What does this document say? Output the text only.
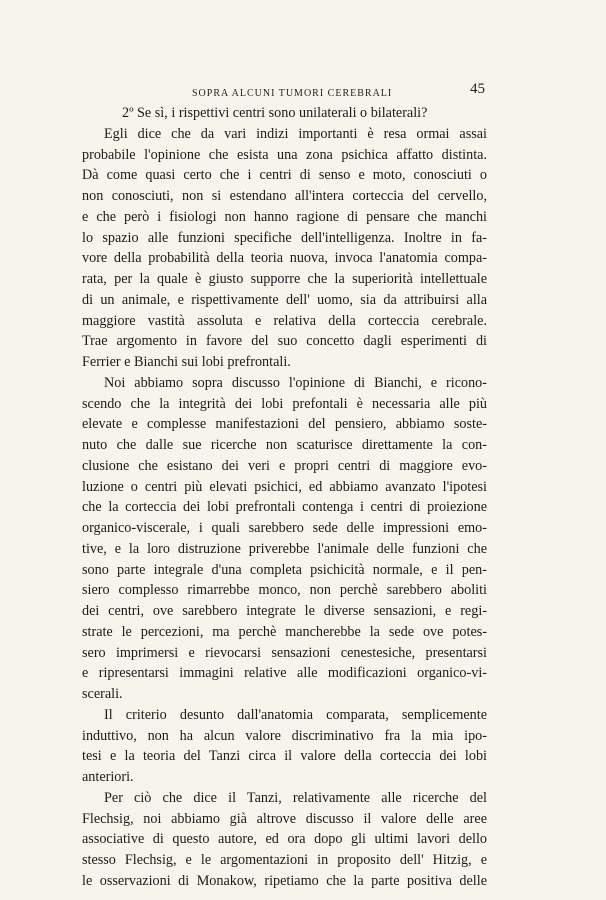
SOPRA ALCUNI TUMORI CEREBRALI	45
2º Se sì, i rispettivi centri sono unilaterali o bilaterali?
Egli dice che da vari indizi importanti è resa ormai assai
probabile l'opinione che esista una zona psichica affatto distinta.
Dà come quasi certo che i centri di senso e moto, conosciuti o
non conosciuti, non si estendano all'intera corteccia del cervello,
e che però i fisiologi non hanno ragione di pensare che manchi
lo spazio alle funzioni specifiche dell'intelligenza. Inoltre in fa-
vore della probabilità della teoria nuova, invoca l'anatomia compa-
rata, per la quale è giusto supporre che la superiorità intellettuale
di un animale, e rispettivamente dell' uomo, sia da attribuirsi alla
maggiore vastità assoluta e relativa della corteccia cerebrale.
Trae argomento in favore del suo concetto dagli esperimenti di
Ferrier e Bianchi sui lobi prefrontali.
Noi abbiamo sopra discusso l'opinione di Bianchi, e ricono-
scendo che la integrità dei lobi prefontali è necessaria alle più
elevate e complesse manifestazioni del pensiero, abbiamo soste-
nuto che dalle sue ricerche non scaturisce direttamente la con-
clusione che esistano dei veri e propri centri di maggiore evo-
luzione o centri più elevati psichici, ed abbiamo avanzato l'ipotesi
che la corteccia dei lobi prefrontali contenga i centri di proiezione
organico-viscerale, i quali sarebbero sede delle impressioni emo-
tive, e la loro distruzione priverebbe l'animale delle funzioni che
sono parte integrale d'una completa psichicità normale, e il pen-
siero complesso rimarrebbe monco, non perchè sarebbero aboliti
dei centri, ove sarebbero integrate le diverse sensazioni, e regi-
strate le percezioni, ma perchè mancherebbe la sede ove potes-
sero imprimersi e rievocarsi sensazioni cenestesiche, presentarsi
e ripresentarsi immagini relative alle modificazioni organico-vi-
scerali.
Il criterio desunto dall'anatomia comparata, semplicemente
induttivo, non ha alcun valore discriminativo fra la mia ipo-
tesi e la teoria del Tanzi circa il valore della corteccia dei lobi
anteriori.
Per ciò che dice il Tanzi, relativamente alle ricerche del
Flechsig, noi abbiamo già altrove discusso il valore delle aree
associative di questo autore, ed ora dopo gli ultimi lavori dello
stesso Flechsig, e le argomentazioni in proposito dell' Hitzig, e
le osservazioni di Monakow, ripetiamo che la parte positiva delle
